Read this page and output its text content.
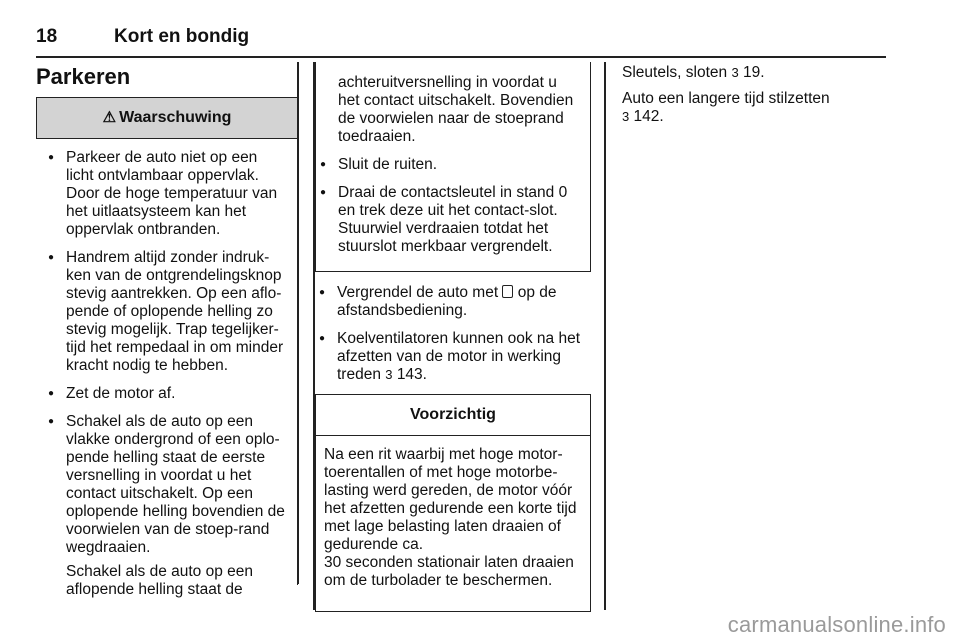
18	Kort en bondig
Parkeren
⚠ Waarschuwing
● Parkeer de auto niet op een licht ontvlambaar oppervlak. Door de hoge temperatuur van het uitlaatsysteem kan het oppervlak ontbranden.
● Handrem altijd zonder indruk-ken van de ontgrendelingsknop stevig aantrekken. Op een aflo-pende of oplopende helling zo stevig mogelijk. Trap tegelijker-tijd het rempedaal in om minder kracht nodig te hebben.
● Zet de motor af.
● Schakel als de auto op een vlakke ondergrond of een oplo-pende helling staat de eerste versnelling in voordat u het contact uitschakelt. Op een oplopende helling bovendien de voorwielen van de stoep-rand wegdraaien.

Schakel als de auto op een aflopende helling staat de

achteruitversnelling in voordat u het contact uitschakelt. Bovendien de voorwielen naar de stoeprand toedraaien.

● Sluit de ruiten.
● Draai de contactsleutel in stand 0 en trek deze uit het contact-slot. Stuurwiel verdraaien totdat het stuurslot merkbaar vergrendelt.
● Vergrendel de auto met  op de afstandsbediening.
● Koelventilatoren kunnen ook na het afzetten van de motor in werking treden 3 143.
Voorzichtig
Na een rit waarbij met hoge motor-toerentallen of met hoge motorbe-lasting werd gereden, de motor vóór het afzetten gedurende een korte tijd met lage belasting laten draaien of gedurende ca.
30 seconden stationair laten draaien om de turbolader te beschermen.
Sleutels, sloten 3 19.
Auto een langere tijd stilzetten
3 142.
carmanualsonline.info
